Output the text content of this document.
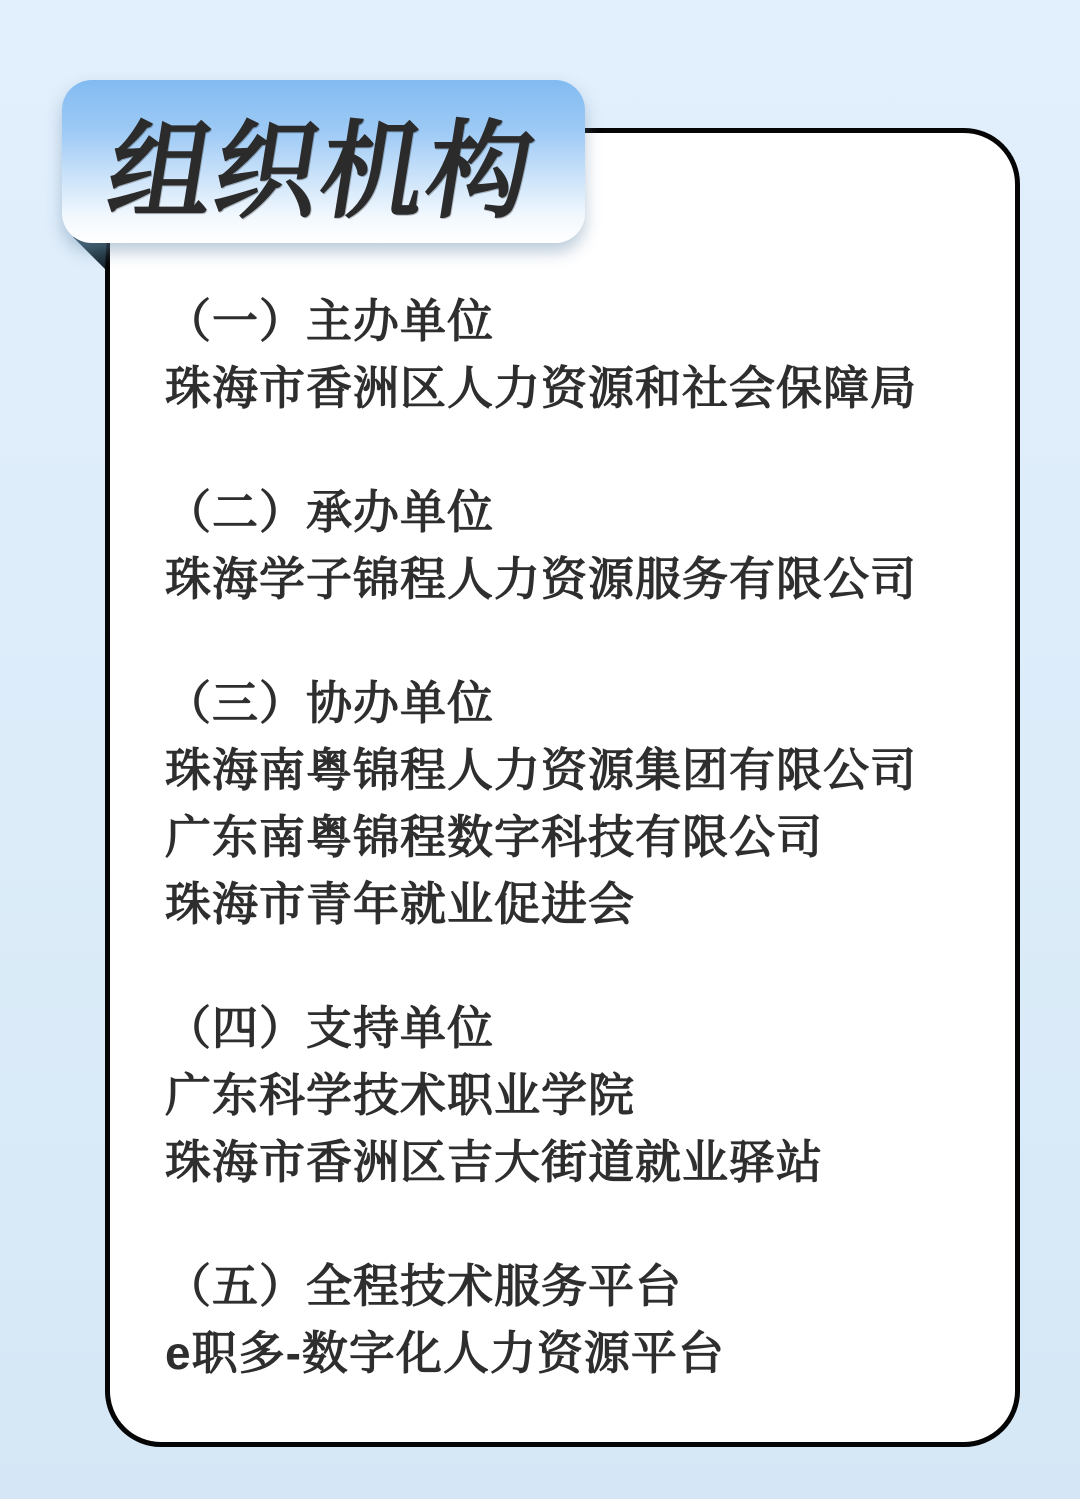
（一）主办单位
珠海市香洲区人力资源和社会保障局
（二）承办单位
珠海学子锦程人力资源服务有限公司
（三）协办单位
珠海南粤锦程人力资源集团有限公司
广东南粤锦程数字科技有限公司
珠海市青年就业促进会
（四）支持单位
广东科学技术职业学院
珠海市香洲区吉大街道就业驿站
（五）全程技术服务平台
e职多-数字化人力资源平台
组织机构
